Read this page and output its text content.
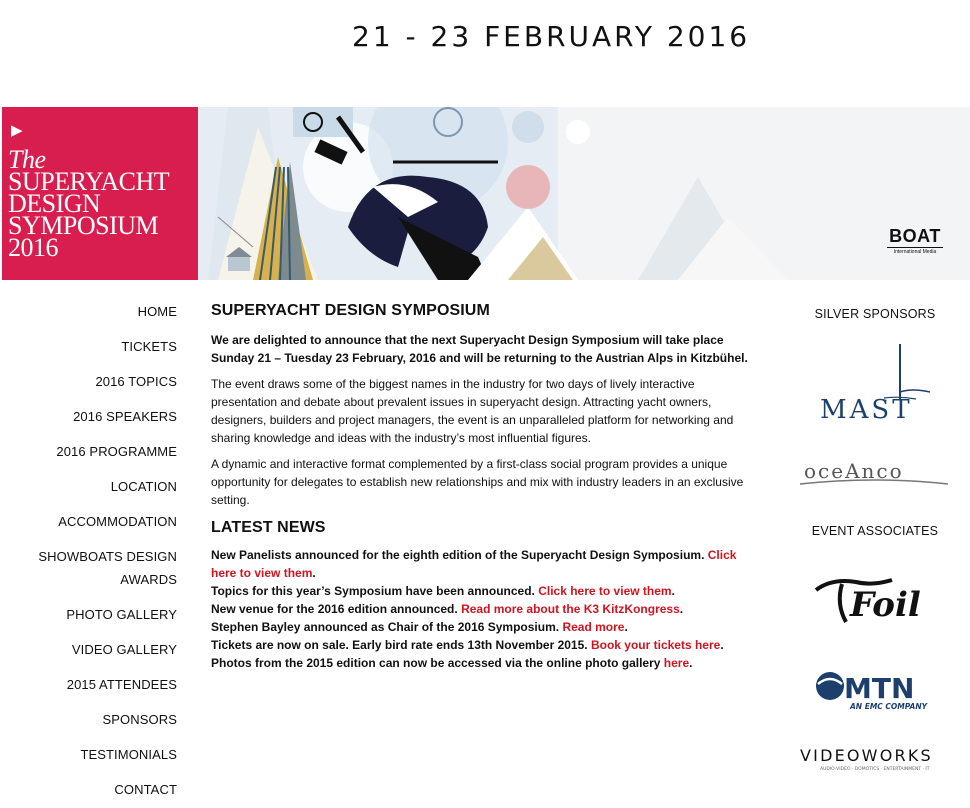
21 - 23 FEBRUARY 2016
▶
The
SUPERYACHT
DESIGN
SYMPOSIUM
2016	BOAT
International Media
HOME
TICKETS
2016 TOPICS
2016 SPEAKERS
2016 PROGRAMME
LOCATION
ACCOMMODATION
SHOWBOATS DESIGN
AWARDS
PHOTO GALLERY
VIDEO GALLERY
2015 ATTENDEES
SPONSORS
TESTIMONIALS
CONTACT
SUPERYACHT DESIGN SYMPOSIUM

We are delighted to announce that the next Superyacht Design Symposium will take place Sunday 21 – Tuesday 23 February, 2016 and will be returning to the Austrian Alps in Kitzbühel.

The event draws some of the biggest names in the industry for two days of lively interactive presentation and debate about prevalent issues in superyacht design. Attracting yacht owners, designers, builders and project managers, the event is an unparalleled platform for networking and sharing knowledge and ideas with the industry’s most influential figures.

A dynamic and interactive format complemented by a first-class social program provides a unique opportunity for delegates to establish new relationships and mix with industry leaders in an exclusive setting.

LATEST NEWS
New Panelists announced for the eighth edition of the Superyacht Design Symposium. Click here to view them.
Topics for this year’s Symposium have been announced. Click here to view them.
New venue for the 2016 edition announced. Read more about the K3 KitzKongress.
Stephen Bayley announced as Chair of the 2016 Symposium. Read more.
Tickets are now on sale. Early bird rate ends 13th November 2015. Book your tickets here.
Photos from the 2015 edition can now be accessed via the online photo gallery here.
SILVER SPONSORS
MAST
oceAnco
EVENT ASSOCIATES
Foil
MTN
AN EMC COMPANY
VIDEOWORKS
AUDIO·VIDEO · DOMOTICS · ENTERTAINMENT · IT
